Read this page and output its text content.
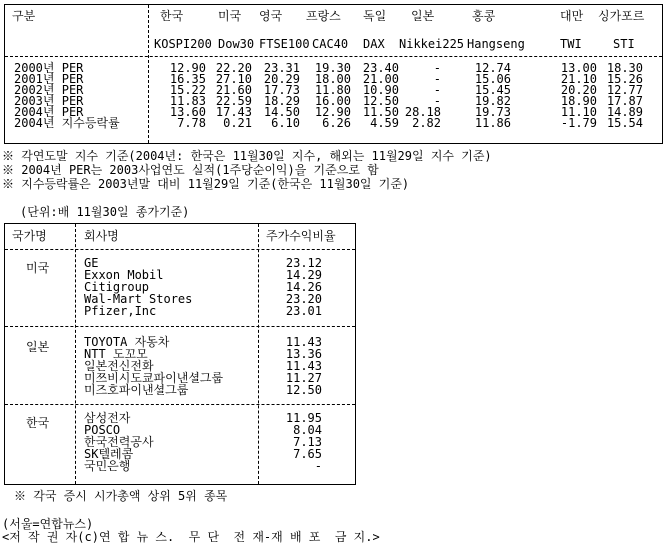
구분	한국	미국 영국 프랑스 독일 일본	홍콩	대만 싱가포르
KOSPI200 Dow30 FTSE100 CAC40 DAX Nikkei225 Hangseng	TWI	STI
2000년 PER	12.90 22.20 23.31 19.30 23.40	-	12.74	13.00 18.30
2001년 PER	16.35 27.10 20.29 18.00 21.00	-	15.06	21.10 15.26
2002년 PER	15.22 21.60 17.73 11.80 10.90	-	15.45	20.20 12.77
2003년 PER	11.83 22.59 18.29 16.00 12.50	-	19.82	18.90 17.87
2004년 PER	13.60 17.43 14.50 12.90 11.50 28.18	19.73	11.10 14.89
2004년 지수등락률	7.78 0.21 6.10 6.26 4.59 2.82	11.86	-1.79 15.54
※ 각연도말 지수 기준(2004년: 한국은 11월30일 지수, 해외는 11월29일 지수 기준)
※ 2004년 PER는 2003사업연도 실적(1주당순이익)을 기준으로 함
※ 지수등락률은 2003년말 대비 11월29일 기준(한국은 11월30일 기준)
(단위:배 11월30일 종가기준)
국가명	회사명	주가수익비율
미국	GE	23.12
Exxon Mobil	14.29
Citigroup	14.26
Wal-Mart Stores	23.20
Pfizer,Inc	23.01
일본	TOYOTA 자동차	11.43
NTT 도꼬모	13.36
일본전신전화	11.43
미쯔비시도쿄파이낸셜그룹	11.27
미즈호파이낸셜그룹	12.50
한국	삼성전자	11.95
POSCO	8.04
한국전력공사	7.13
SK텔레콤	7.65
국민은행	-
※ 각국 증시 시가총액 상위 5위 종목
(서울=연합뉴스)
<저 작 권 자(c)연 합 뉴 스.  무 단  전 재-재 배 포  금 지.>
